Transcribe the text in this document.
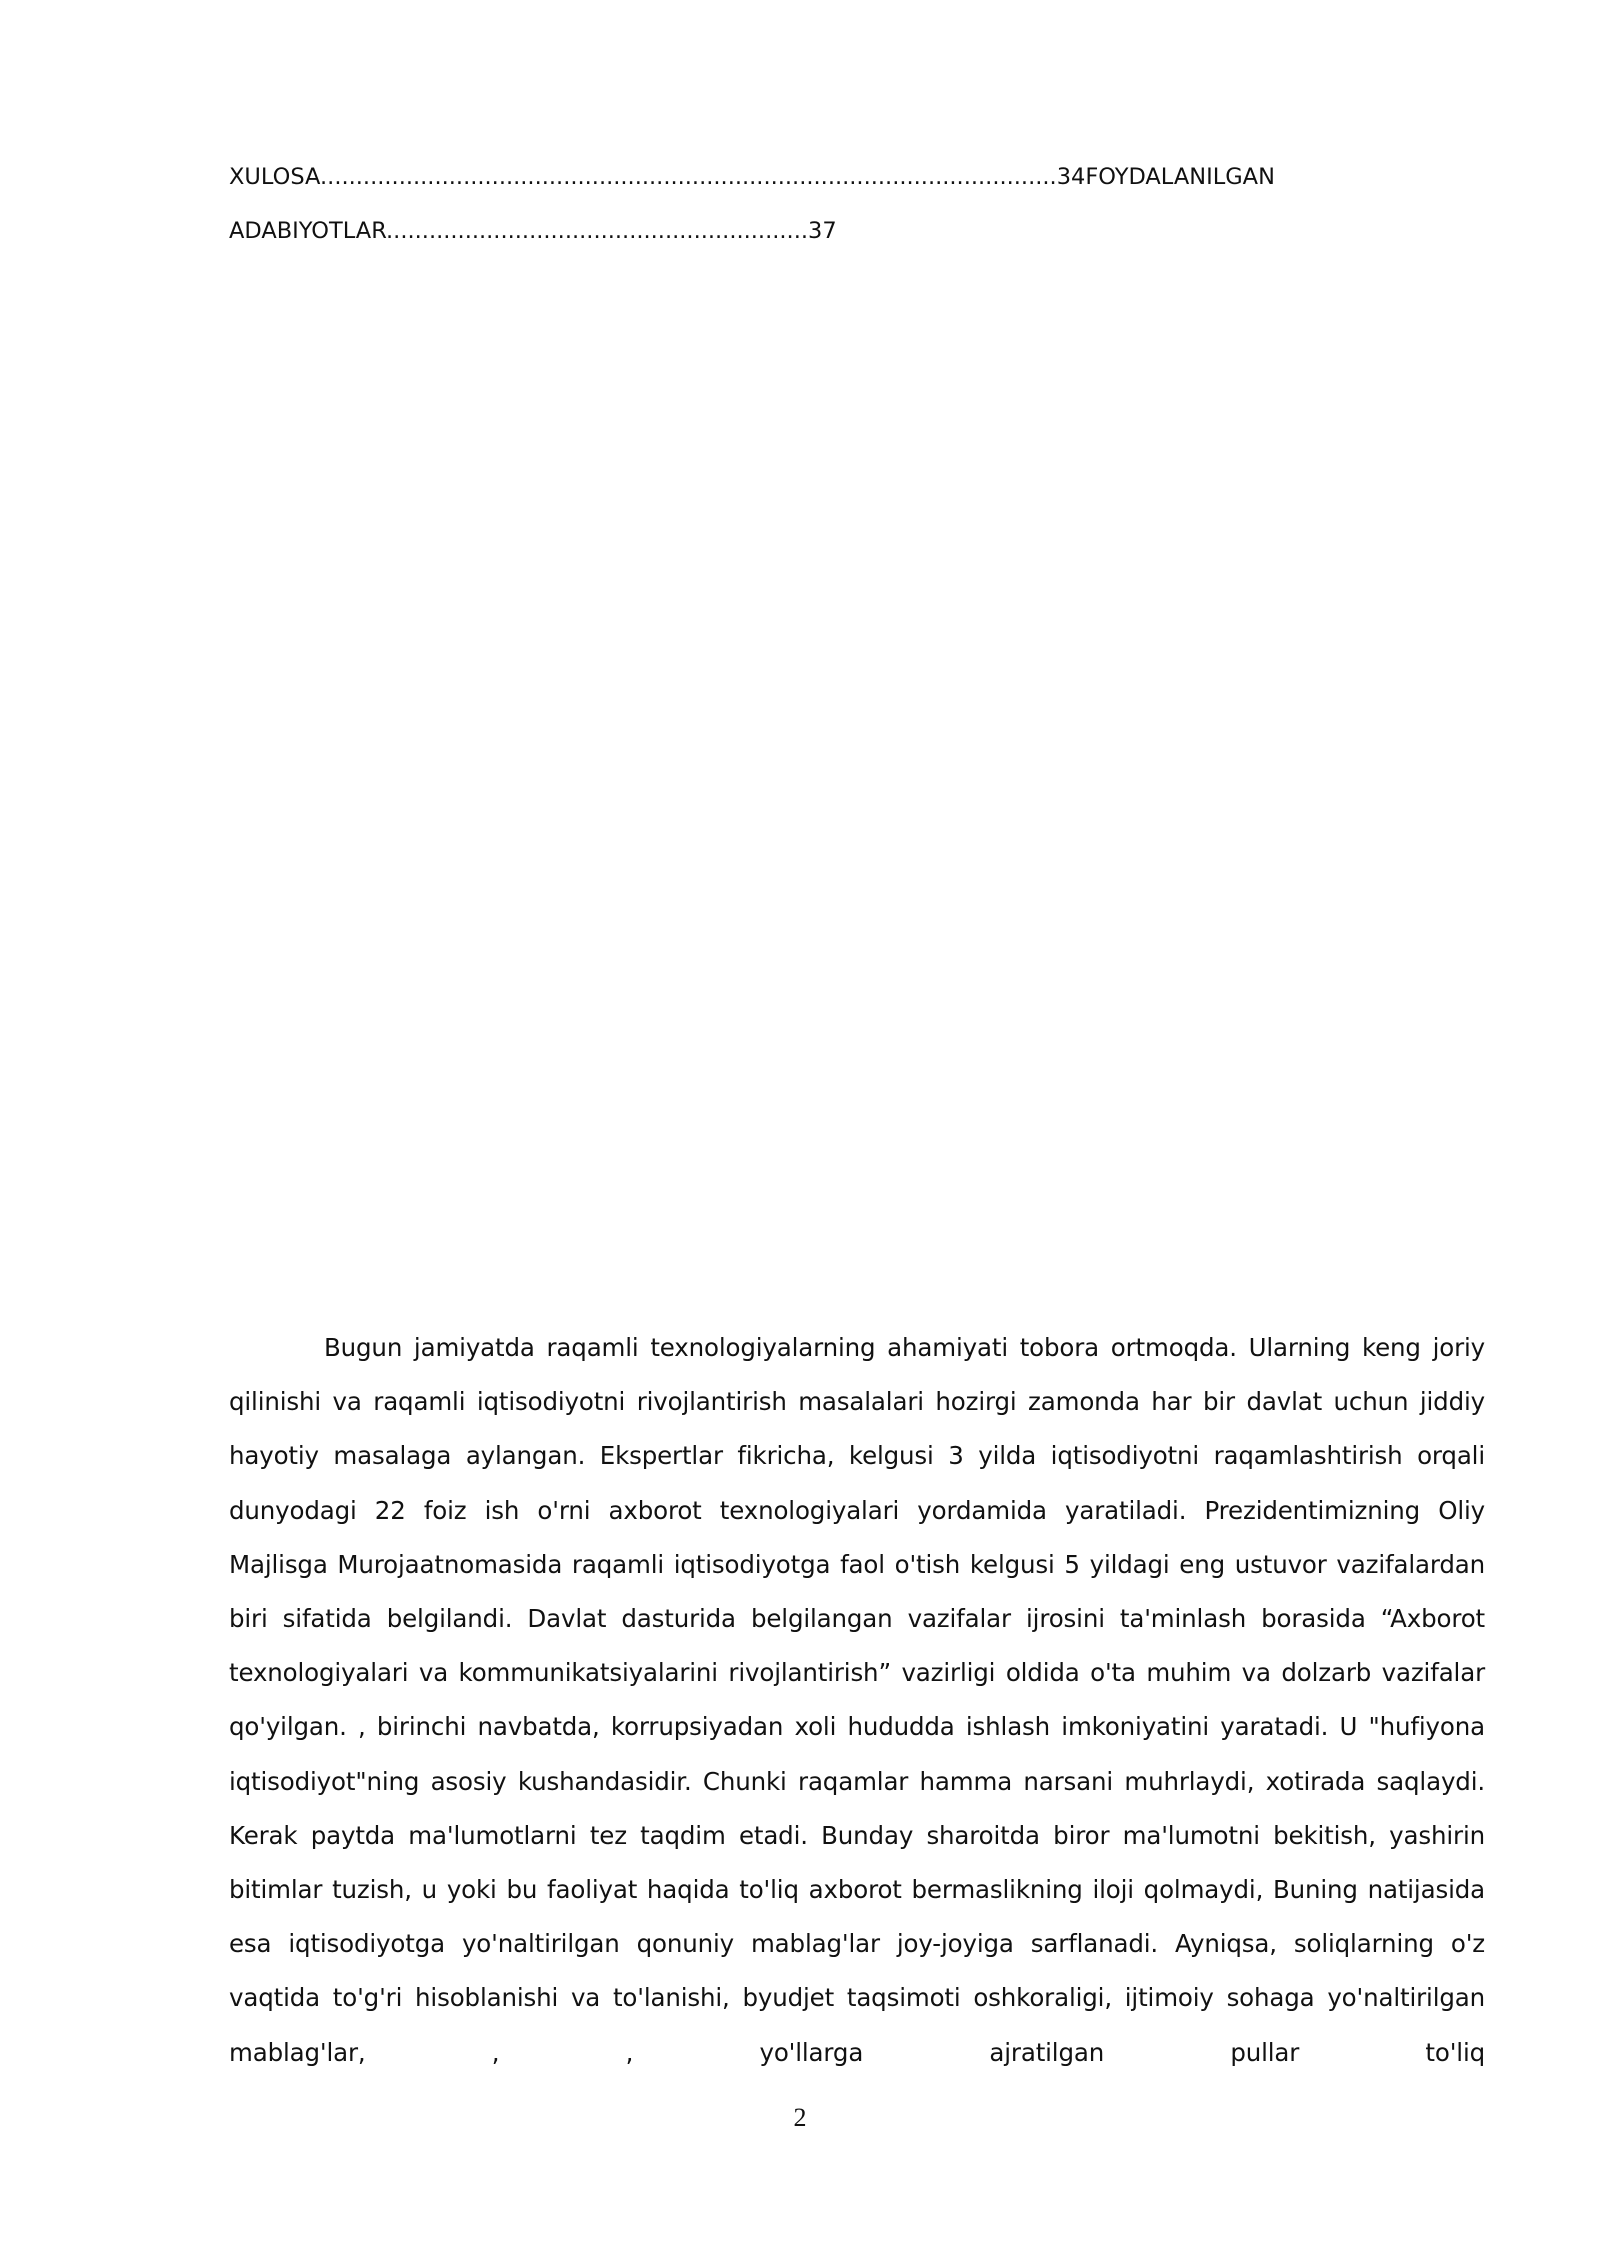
XULOSA.......................................................................................................34FOYDALANILGAN
ADABIYOTLAR...........................................................37

Bugun jamiyatda raqamli texnologiyalarning ahamiyati tobora ortmoqda. Ularning keng joriy qilinishi va raqamli iqtisodiyotni rivojlantirish masalalari hozirgi zamonda har bir davlat uchun jiddiy hayotiy masalaga aylangan. Ekspertlar fikricha, kelgusi 3 yilda iqtisodiyotni raqamlashtirish orqali dunyodagi 22 foiz ish o'rni axborot texnologiyalari yordamida yaratiladi. Prezidentimizning Oliy Majlisga Murojaatnomasida raqamli iqtisodiyotga faol o'tish kelgusi 5 yildagi eng ustuvor vazifalardan biri sifatida belgilandi. Davlat dasturida belgilangan vazifalar ijrosini ta'minlash borasida “Axborot texnologiyalari va kommunikatsiyalarini rivojlantirish” vazirligi oldida o'ta muhim va dolzarb vazifalar qo'yilgan. , birinchi navbatda, korrupsiyadan xoli hududda ishlash imkoniyatini yaratadi. U "hufiyona iqtisodiyot"ning asosiy kushandasidir. Chunki raqamlar hamma narsani muhrlaydi, xotirada saqlaydi. Kerak paytda ma'lumotlarni tez taqdim etadi. Bunday sharoitda biror ma'lumotni bekitish, yashirin bitimlar tuzish, u yoki bu faoliyat haqida to'liq axborot bermaslikning iloji qolmaydi, Buning natijasida esa iqtisodiyotga yo'naltirilgan qonuniy mablag'lar joy-joyiga sarflanadi. Ayniqsa, soliqlarning o'z vaqtida to'g'ri hisoblanishi va to'lanishi, byudjet taqsimoti oshkoraligi, ijtimoiy sohaga yo'naltirilgan mablag'lar, , , yo'llarga ajratilgan pullar to'liq

2
